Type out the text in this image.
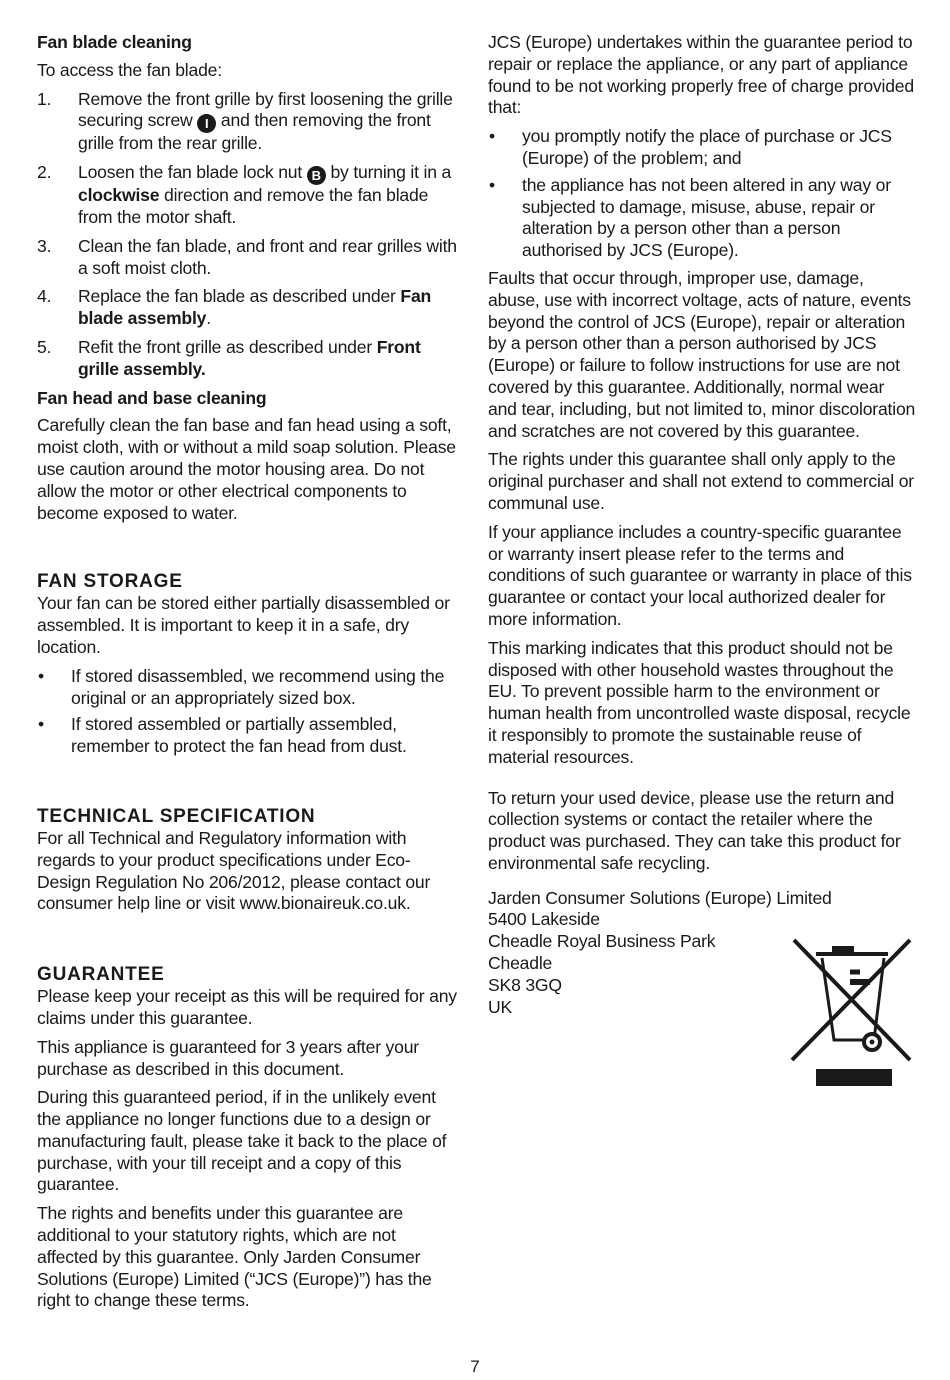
Fan blade cleaning

To access the fan blade:

1. Remove the front grille by first loosening the grille securing screw I and then removing the front grille from the rear grille.
2. Loosen the fan blade lock nut B by turning it in a clockwise direction and remove the fan blade from the motor shaft.
3. Clean the fan blade, and front and rear grilles with a soft moist cloth.
4. Replace the fan blade as described under Fan blade assembly.
5. Refit the front grille as described under Front grille assembly.

Fan head and base cleaning

Carefully clean the fan base and fan head using a soft, moist cloth, with or without a mild soap solution. Please use caution around the motor housing area. Do not allow the motor or other electrical components to become exposed to water.

FAN STORAGE

Your fan can be stored either partially disassembled or assembled. It is important to keep it in a safe, dry location.

• If stored disassembled, we recommend using the original or an appropriately sized box.
• If stored assembled or partially assembled, remember to protect the fan head from dust.

TECHNICAL SPECIFICATION

For all Technical and Regulatory information with regards to your product specifications under Eco-Design Regulation No 206/2012, please contact our consumer help line or visit www.bionaireuk.co.uk.

GUARANTEE

Please keep your receipt as this will be required for any claims under this guarantee.

This appliance is guaranteed for 3 years after your purchase as described in this document.

During this guaranteed period, if in the unlikely event the appliance no longer functions due to a design or manufacturing fault, please take it back to the place of purchase, with your till receipt and a copy of this guarantee.

The rights and benefits under this guarantee are additional to your statutory rights, which are not affected by this guarantee. Only Jarden Consumer Solutions (Europe) Limited (“JCS (Europe)”) has the right to change these terms.

JCS (Europe) undertakes within the guarantee period to repair or replace the appliance, or any part of appliance found to be not working properly free of charge provided that:

• you promptly notify the place of purchase or JCS (Europe) of the problem; and
• the appliance has not been altered in any way or subjected to damage, misuse, abuse, repair or alteration by a person other than a person authorised by JCS (Europe).

Faults that occur through, improper use, damage, abuse, use with incorrect voltage, acts of nature, events beyond the control of JCS (Europe), repair or alteration by a person other than a person authorised by JCS (Europe) or failure to follow instructions for use are not covered by this guarantee. Additionally, normal wear and tear, including, but not limited to, minor discoloration and scratches are not covered by this guarantee.

The rights under this guarantee shall only apply to the original purchaser and shall not extend to commercial or communal use.

If your appliance includes a country-specific guarantee or warranty insert please refer to the terms and conditions of such guarantee or warranty in place of this guarantee or contact your local authorized dealer for more information.

This marking indicates that this product should not be disposed with other household wastes throughout the EU. To prevent possible harm to the environment or human health from uncontrolled waste disposal, recycle it responsibly to promote the sustainable reuse of material resources.

To return your used device, please use the return and collection systems or contact the retailer where the product was purchased. They can take this product for environmental safe recycling.

Jarden Consumer Solutions (Europe) Limited

5400 Lakeside

Cheadle Royal Business Park

Cheadle

SK8 3GQ

UK

7
